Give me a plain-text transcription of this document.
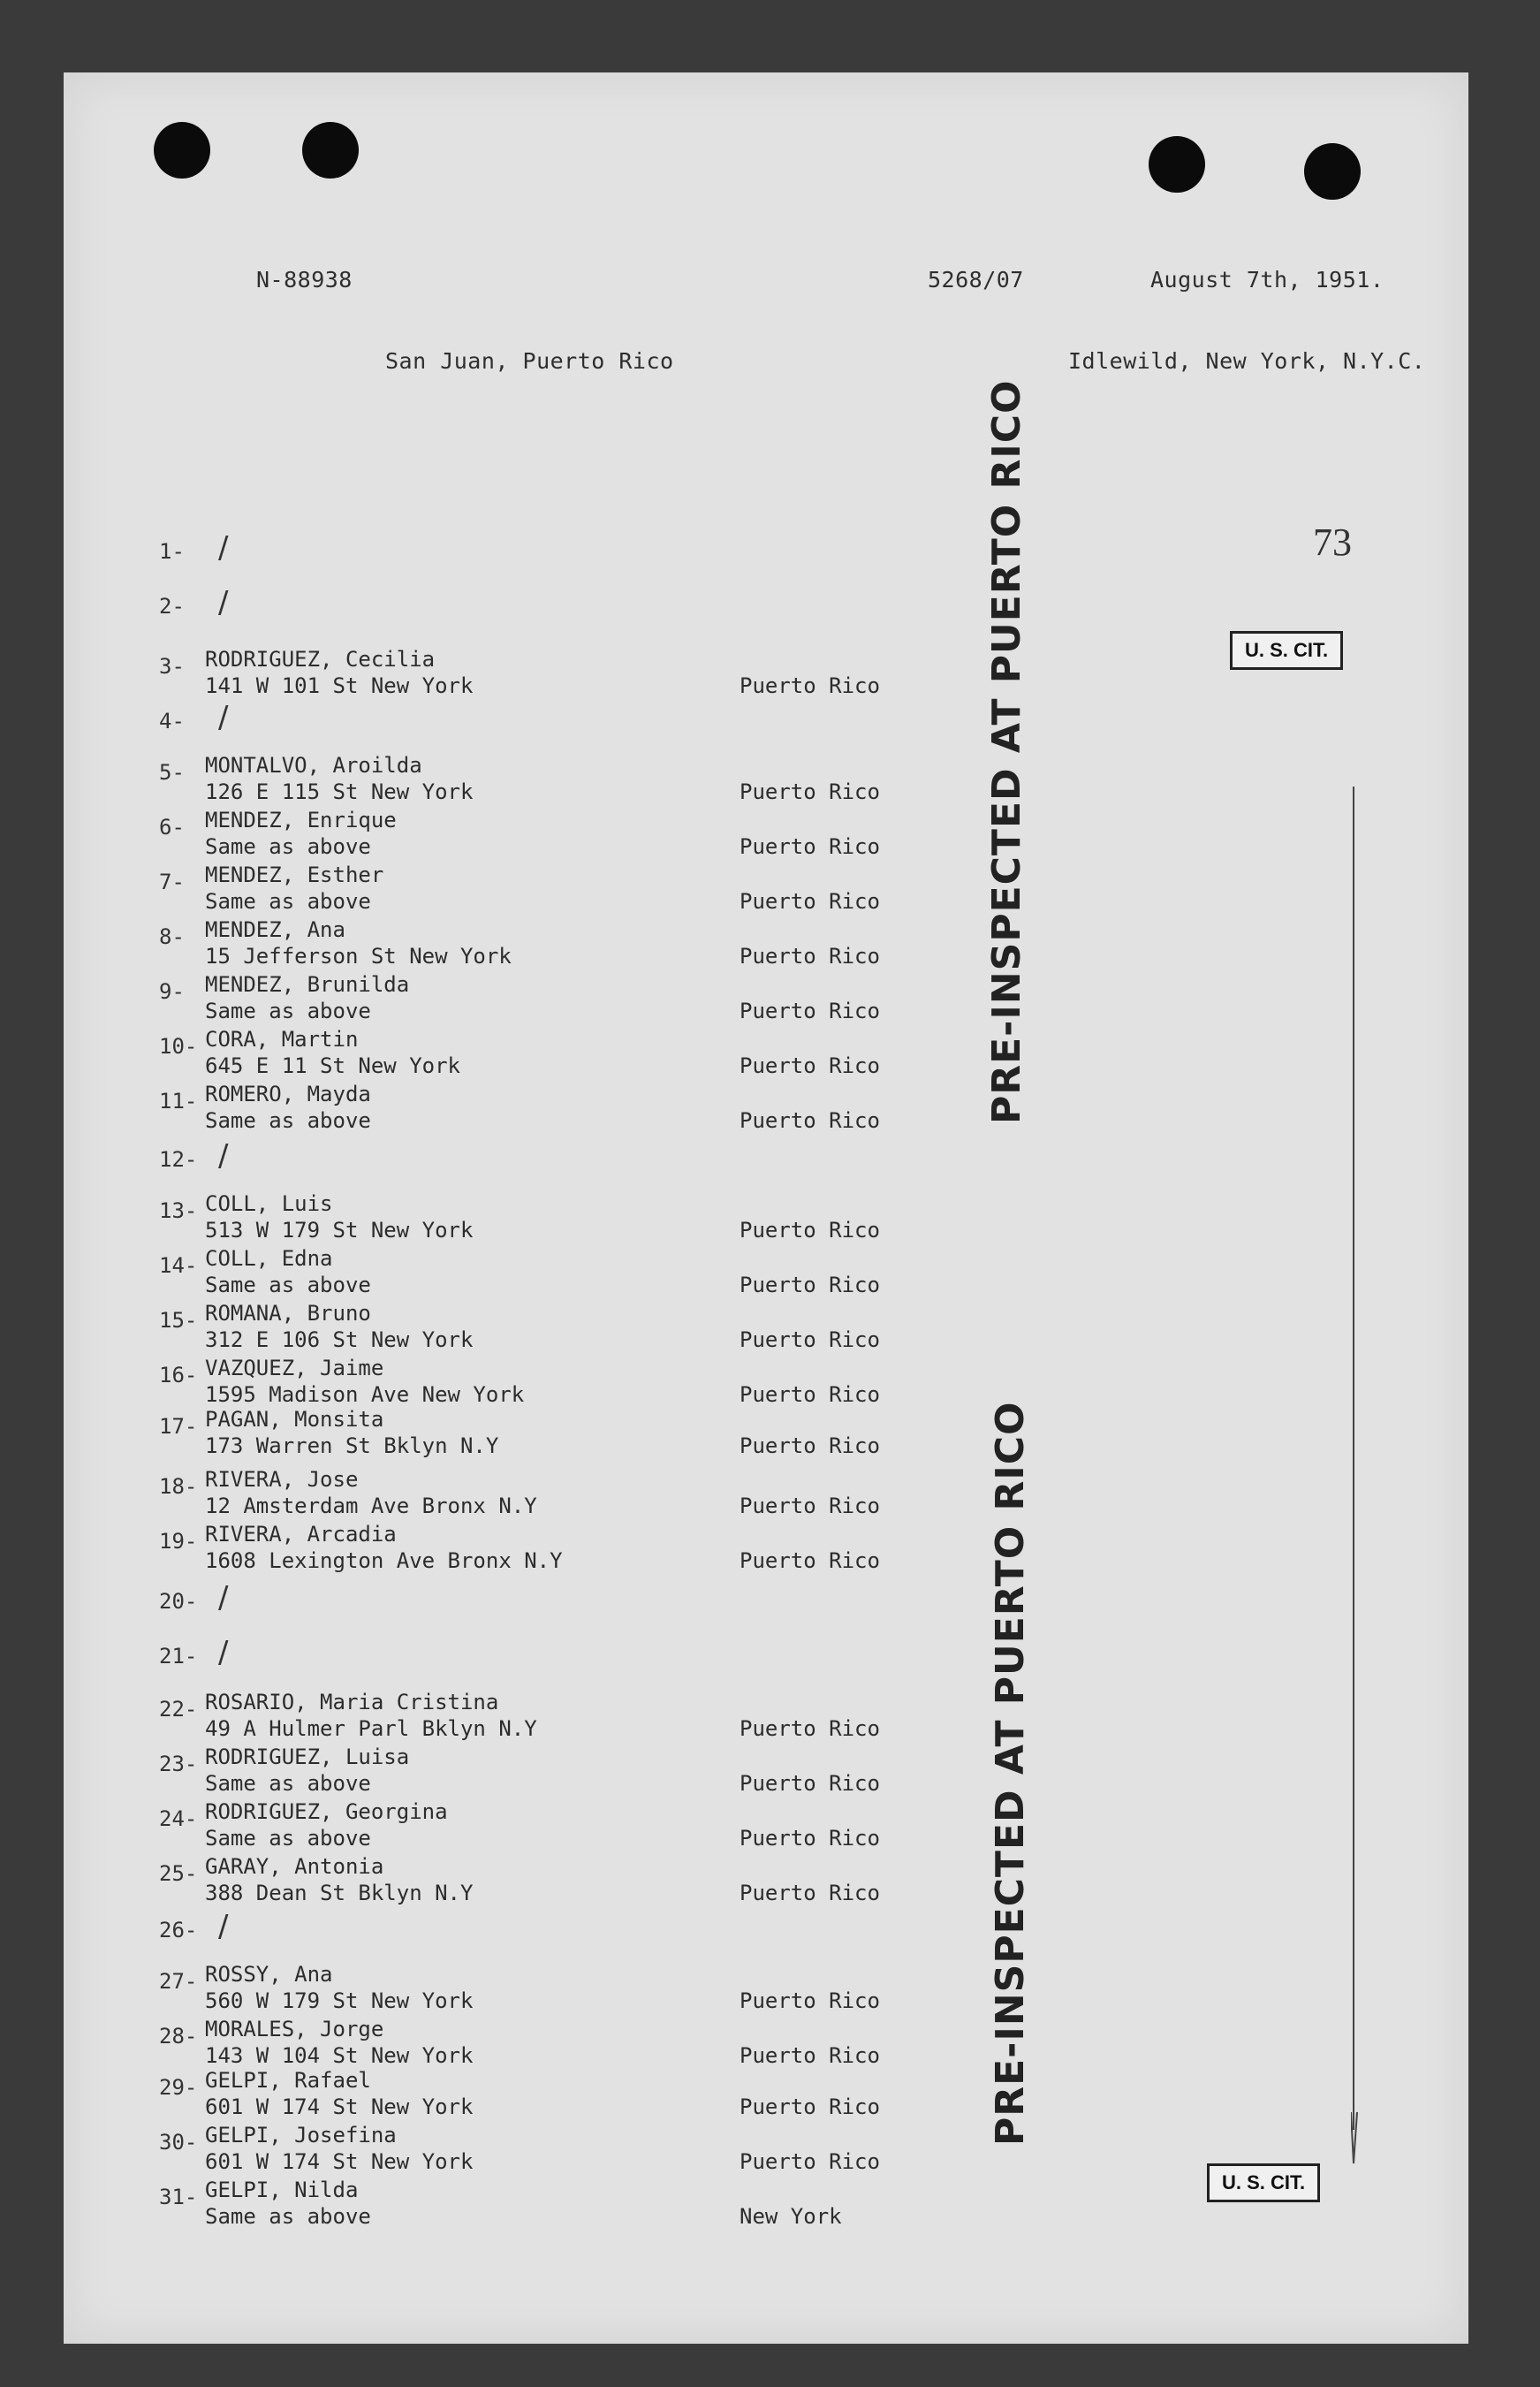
N-88938	5268/07	August 7th, 1951.
San Juan, Puerto Rico	Idlewild, New York, N.Y.C.
73
1-	/
2-	/
3- RODRIGUEZ, Cecilia
141 W 101 St New York	Puerto Rico
4-	/
5- MONTALVO, Aroilda
126 E 115 St New York	Puerto Rico
6- MENDEZ, Enrique
Same as above	Puerto Rico
7- MENDEZ, Esther
Same as above	Puerto Rico
8- MENDEZ, Ana
15 Jefferson St New York	Puerto Rico
9- MENDEZ, Brunilda
Same as above	Puerto Rico
10- CORA, Martin
645 E 11 St New York	Puerto Rico
11- ROMERO, Mayda
Same as above	Puerto Rico
12- /
13- COLL, Luis
513 W 179 St New York	Puerto Rico
14- COLL, Edna
Same as above	Puerto Rico
15- ROMANA, Bruno
312 E 106 St New York	Puerto Rico
16- VAZQUEZ, Jaime
1595 Madison Ave New York	Puerto Rico
17- PAGAN, Monsita
173 Warren St Bklyn N.Y	Puerto Rico
18- RIVERA, Jose
12 Amsterdam Ave Bronx N.Y	Puerto Rico
19- RIVERA, Arcadia
1608 Lexington Ave Bronx N.Y	Puerto Rico
20- /
21- /
22- ROSARIO, Maria Cristina
49 A Hulmer Parl Bklyn N.Y	Puerto Rico
23- RODRIGUEZ, Luisa
Same as above	Puerto Rico
24- RODRIGUEZ, Georgina
Same as above	Puerto Rico
25- GARAY, Antonia
388 Dean St Bklyn N.Y	Puerto Rico
26- /
27- ROSSY, Ana
560 W 179 St New York	Puerto Rico
28- MORALES, Jorge
143 W 104 St New York	Puerto Rico
29- GELPI, Rafael
601 W 174 St New York	Puerto Rico
30- GELPI, Josefina
601 W 174 St New York	Puerto Rico
31- GELPI, Nilda
Same as above	New York
PRE-INSPECTED AT PUERTO RICO
PRE-INSPECTED AT PUERTO RICO
U. S. CIT.
U. S. CIT.
